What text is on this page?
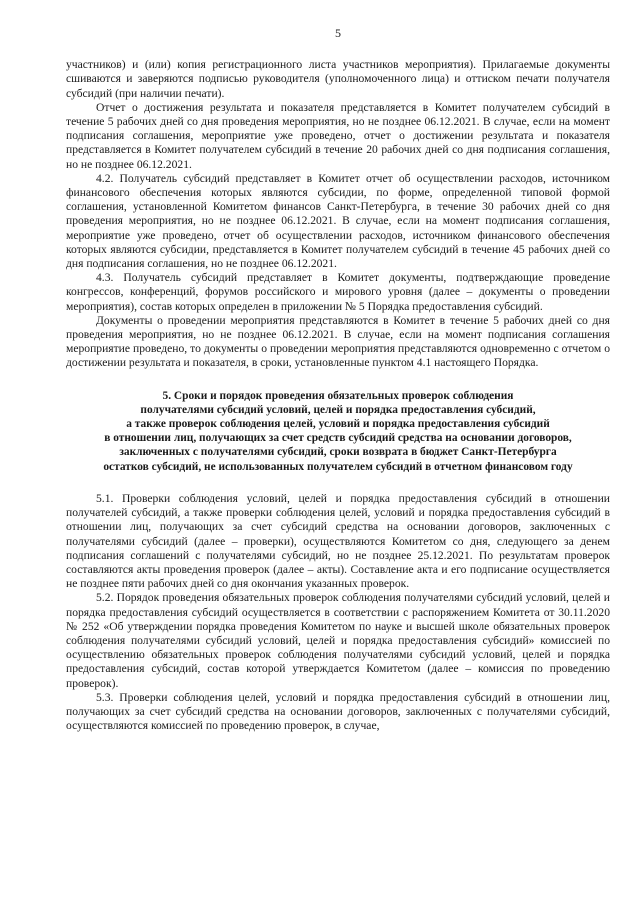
5

участников) и (или) копия регистрационного листа участников мероприятия). Прилагаемые документы сшиваются и заверяются подписью руководителя (уполномоченного лица) и оттиском печати получателя субсидий (при наличии печати).

Отчет о достижения результата и показателя представляется в Комитет получателем субсидий в течение 5 рабочих дней со дня проведения мероприятия, но не позднее 06.12.2021. В случае, если на момент подписания соглашения, мероприятие уже проведено, отчет о достижении результата и показателя представляется в Комитет получателем субсидий в течение 20 рабочих дней со дня подписания соглашения, но не позднее 06.12.2021.

4.2. Получатель субсидий представляет в Комитет отчет об осуществлении расходов, источником финансового обеспечения которых являются субсидии, по форме, определенной типовой формой соглашения, установленной Комитетом финансов Санкт-Петербурга, в течение 30 рабочих дней со дня проведения мероприятия, но не позднее 06.12.2021. В случае, если на момент подписания соглашения, мероприятие уже проведено, отчет об осуществлении расходов, источником финансового обеспечения которых являются субсидии, представляется в Комитет получателем субсидий в течение 45 рабочих дней со дня подписания соглашения, но не позднее 06.12.2021.

4.3. Получатель субсидий представляет в Комитет документы, подтверждающие проведение конгрессов, конференций, форумов российского и мирового уровня (далее – документы о проведении мероприятия), состав которых определен в приложении № 5 Порядка предоставления субсидий.

Документы о проведении мероприятия представляются в Комитет в течение 5 рабочих дней со дня проведения мероприятия, но не позднее 06.12.2021. В случае, если на момент подписания соглашения мероприятие проведено, то документы о проведении мероприятия представляются одновременно с отчетом о достижении результата и показателя, в сроки, установленные пунктом 4.1 настоящего Порядка.

5. Сроки и порядок проведения обязательных проверок соблюдения
получателями субсидий условий, целей и порядка предоставления субсидий,
а также проверок соблюдения целей, условий и порядка предоставления субсидий
в отношении лиц, получающих за счет средств субсидий средства на основании договоров,
заключенных с получателями субсидий, сроки возврата в бюджет Санкт-Петербурга
остатков субсидий, не использованных получателем субсидий в отчетном финансовом году

5.1. Проверки соблюдения условий, целей и порядка предоставления субсидий в отношении получателей субсидий, а также проверки соблюдения целей, условий и порядка предоставления субсидий в отношении лиц, получающих за счет субсидий средства на основании договоров, заключенных с получателями субсидий (далее – проверки), осуществляются Комитетом со дня, следующего за денем подписания соглашений с получателями субсидий, но не позднее 25.12.2021. По результатам проверок составляются акты проведения проверок (далее – акты). Составление акта и его подписание осуществляется не позднее пяти рабочих дней со дня окончания указанных проверок.

5.2. Порядок проведения обязательных проверок соблюдения получателями субсидий условий, целей и порядка предоставления субсидий осуществляется в соответствии с распоряжением Комитета от 30.11.2020 № 252 «Об утверждении порядка проведения Комитетом по науке и высшей школе обязательных проверок соблюдения получателями субсидий условий, целей и порядка предоставления субсидий» комиссией по осуществлению обязательных проверок соблюдения получателями субсидий условий, целей и порядка предоставления субсидий, состав которой утверждается Комитетом (далее – комиссия по проведению проверок).

5.3. Проверки соблюдения целей, условий и порядка предоставления субсидий в отношении лиц, получающих за счет субсидий средства на основании договоров, заключенных с получателями субсидий, осуществляются комиссией по проведению проверок, в случае,
